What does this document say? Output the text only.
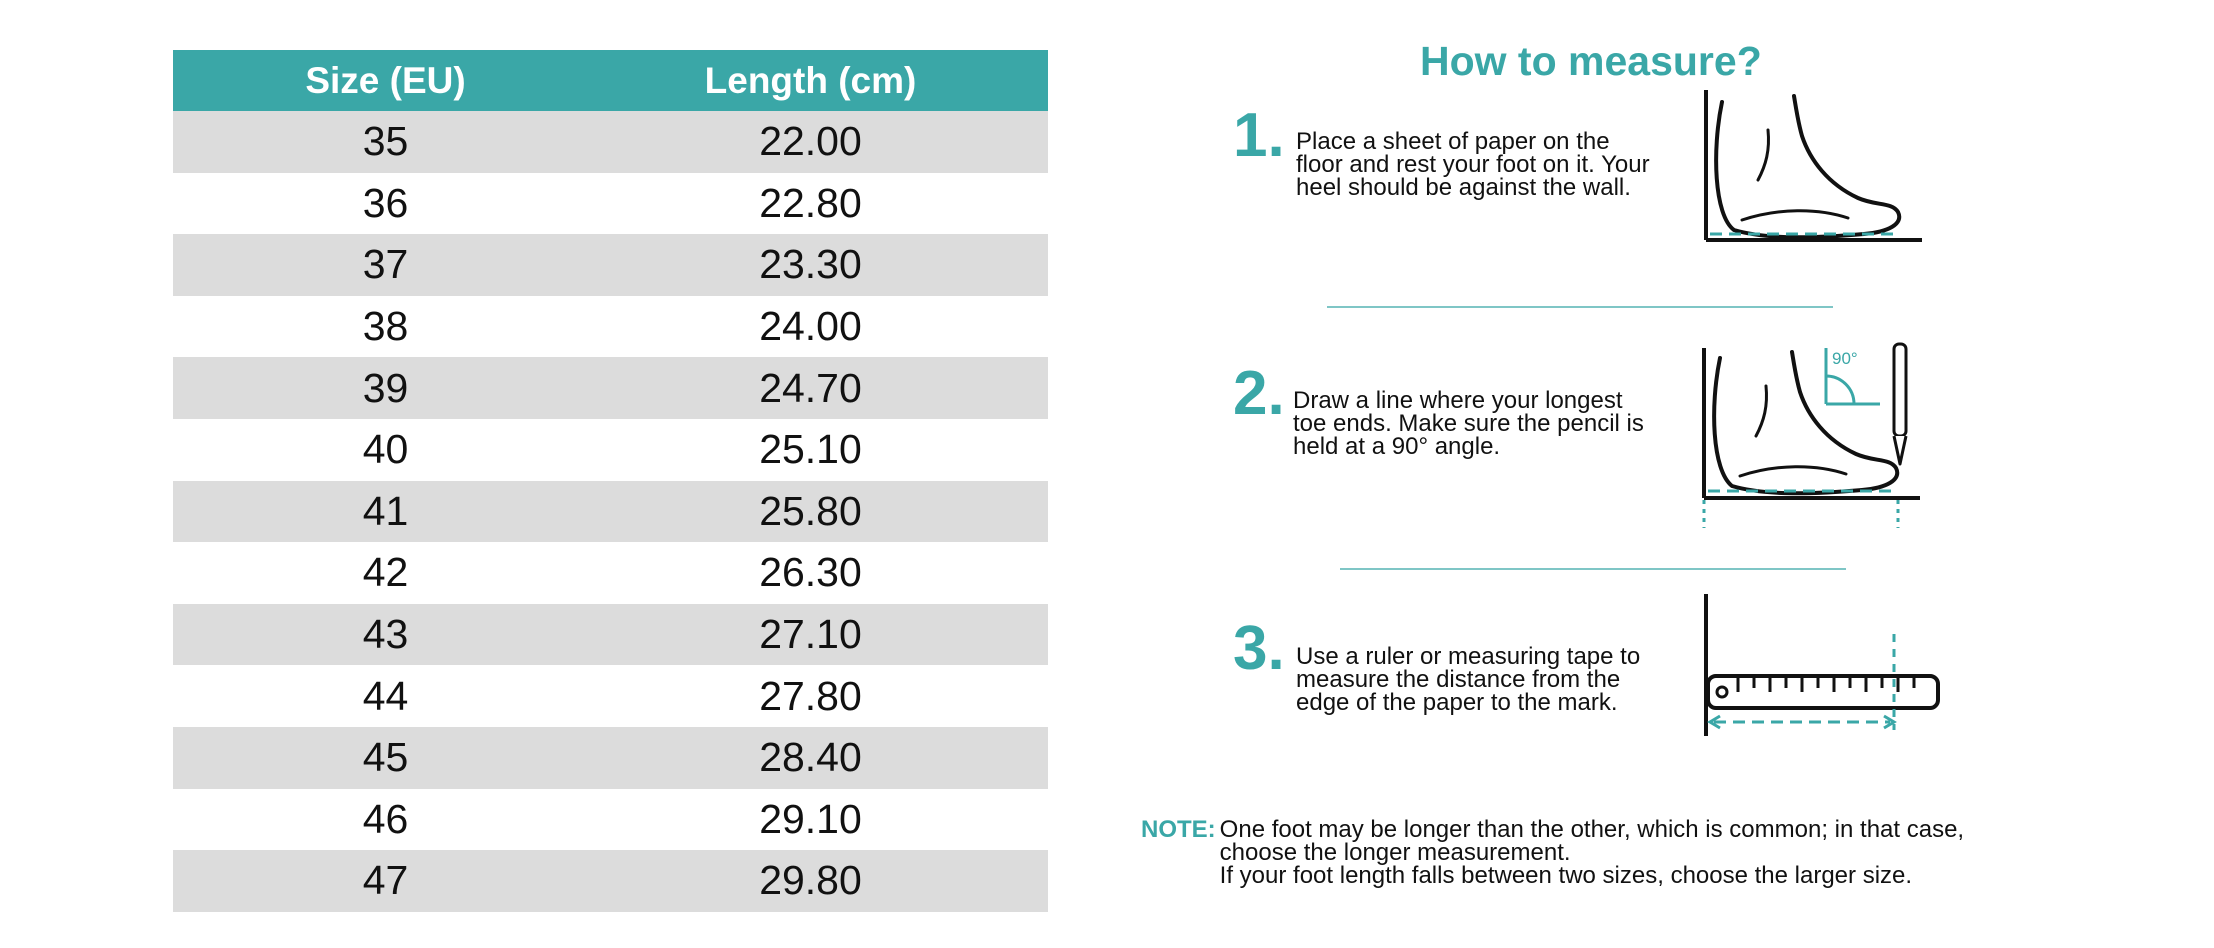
Size (EU)	Length (cm)
35	22.00
36	22.80
37	23.30
38	24.00
39	24.70
40	25.10
41	25.80
42	26.30
43	27.10
44	27.80
45	28.40
46	29.10
47	29.80
How to measure?
1. Place a sheet of paper on the floor and rest your foot on it. Your heel should be against the wall.
2. Draw a line where your longest toe ends. Make sure the pencil is held at a 90° angle.
90°
3. Use a ruler or measuring tape to measure the distance from the edge of the paper to the mark.
NOTE: One foot may be longer than the other, which is common; in that case,
choose the longer measurement.
If your foot length falls between two sizes, choose the larger size.
